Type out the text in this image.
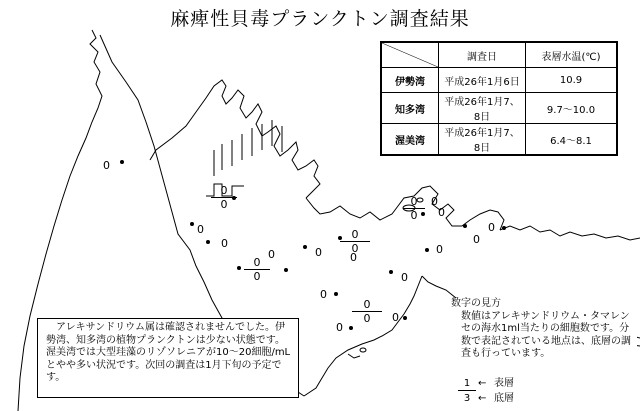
麻痺性貝毒プランクトン調査結果
0
0
0
0	0
0
0
0
0
0
0
0
0
0
0
$\frac{0}{0}$
$\frac{0}{0}$
$\frac{0}{0}$
$\frac{0}{0}$
$\frac{0}{0}$
	調査日	表層水温(℃)
伊勢湾	平成26年1月6日	10.9
知多湾	平成26年1月7、8日	9.7～10.0
渥美湾	平成26年1月7、8日	6.4～8.1
アレキサンドリウム属は確認されませんでした。伊勢湾、知多湾の植物プランクトンは少ない状態です。渥美湾では大型珪藻のリゾソレニアが10～20細胞/mLとやや多い状況です。次回の調査は1月下旬の予定です。
数字の見方
数値はアレキサンドリウム・タマレンセの海水1ml当たりの細胞数です。分数で表記されている地点は、底層の調査も行っています。
1 ← 表層
3 ← 底層
